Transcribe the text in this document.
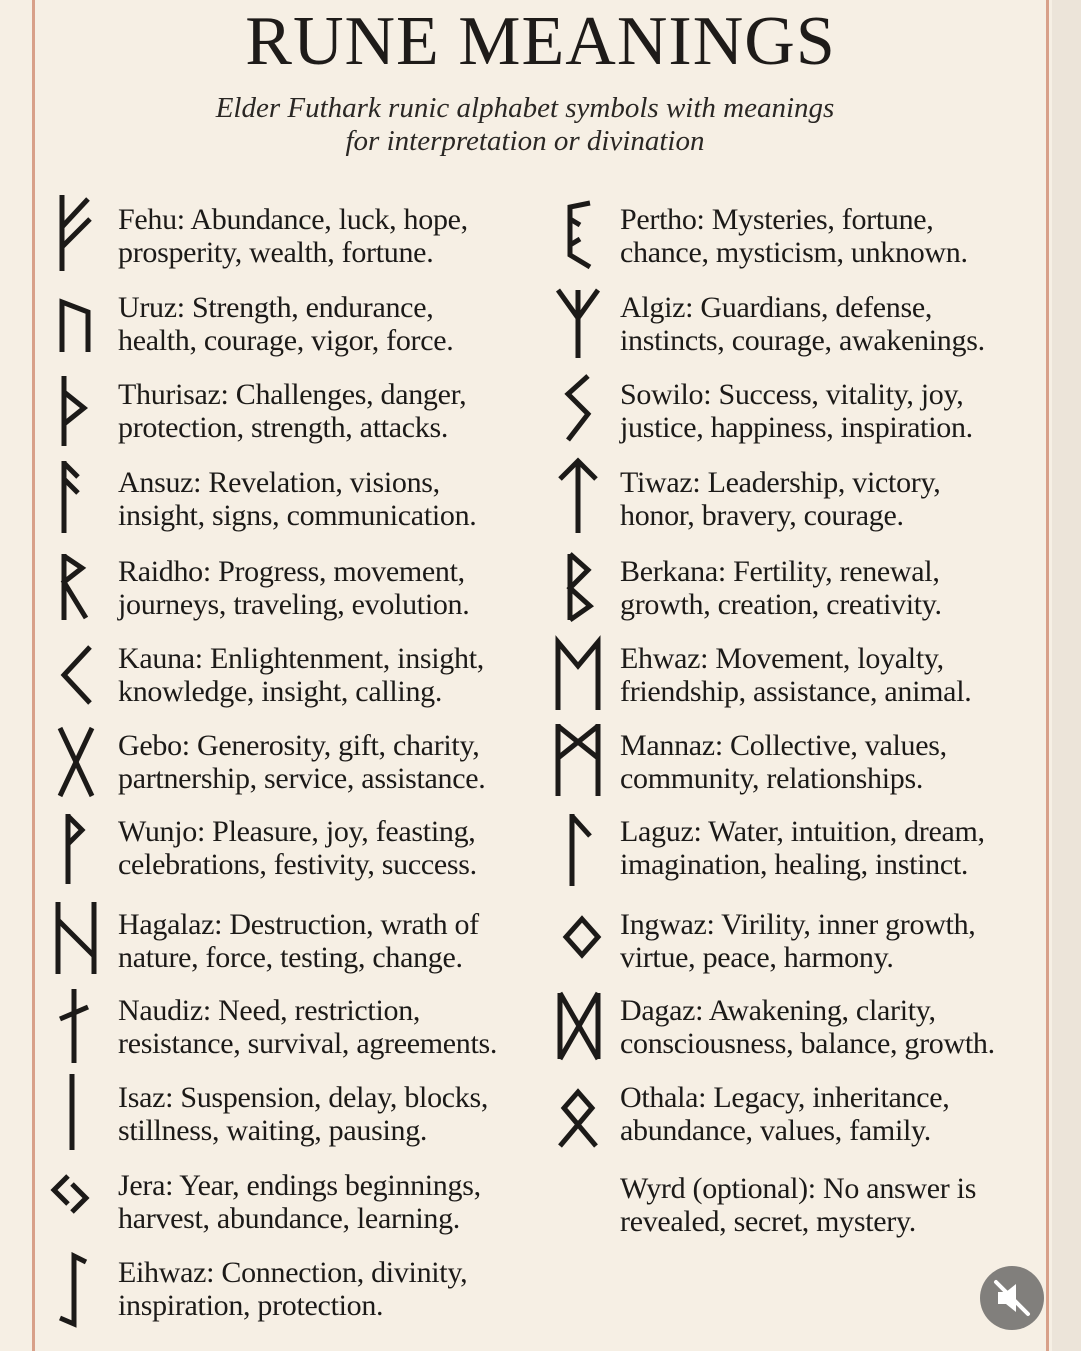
RUNE MEANINGS
Elder Futhark runic alphabet symbols with meanings
for interpretation or divination
Fehu: Abundance, luck, hope,
prosperity, wealth, fortune.
Uruz: Strength, endurance,
health, courage, vigor, force.
Thurisaz: Challenges, danger,
protection, strength, attacks.
Ansuz: Revelation, visions,
insight, signs, communication.
Raidho: Progress, movement,
journeys, traveling, evolution.
Kauna: Enlightenment, insight,
knowledge, insight, calling.
Gebo: Generosity, gift, charity,
partnership, service, assistance.
Wunjo: Pleasure, joy, feasting,
celebrations, festivity, success.
Hagalaz: Destruction, wrath of
nature, force, testing, change.
Naudiz: Need, restriction,
resistance, survival, agreements.
Isaz: Suspension, delay, blocks,
stillness, waiting, pausing.
Jera: Year, endings beginnings,
harvest, abundance, learning.
Eihwaz: Connection, divinity,
inspiration, protection.
Pertho: Mysteries, fortune,
chance, mysticism, unknown.
Algiz: Guardians, defense,
instincts, courage, awakenings.
Sowilo: Success, vitality, joy,
justice, happiness, inspiration.
Tiwaz: Leadership, victory,
honor, bravery, courage.
Berkana: Fertility, renewal,
growth, creation, creativity.
Ehwaz: Movement, loyalty,
friendship, assistance, animal.
Mannaz: Collective, values,
community, relationships.
Laguz: Water, intuition, dream,
imagination, healing, instinct.
Ingwaz: Virility, inner growth,
virtue, peace, harmony.
Dagaz: Awakening, clarity,
consciousness, balance, growth.
Othala: Legacy, inheritance,
abundance, values, family.
Wyrd (optional): No answer is
revealed, secret, mystery.
